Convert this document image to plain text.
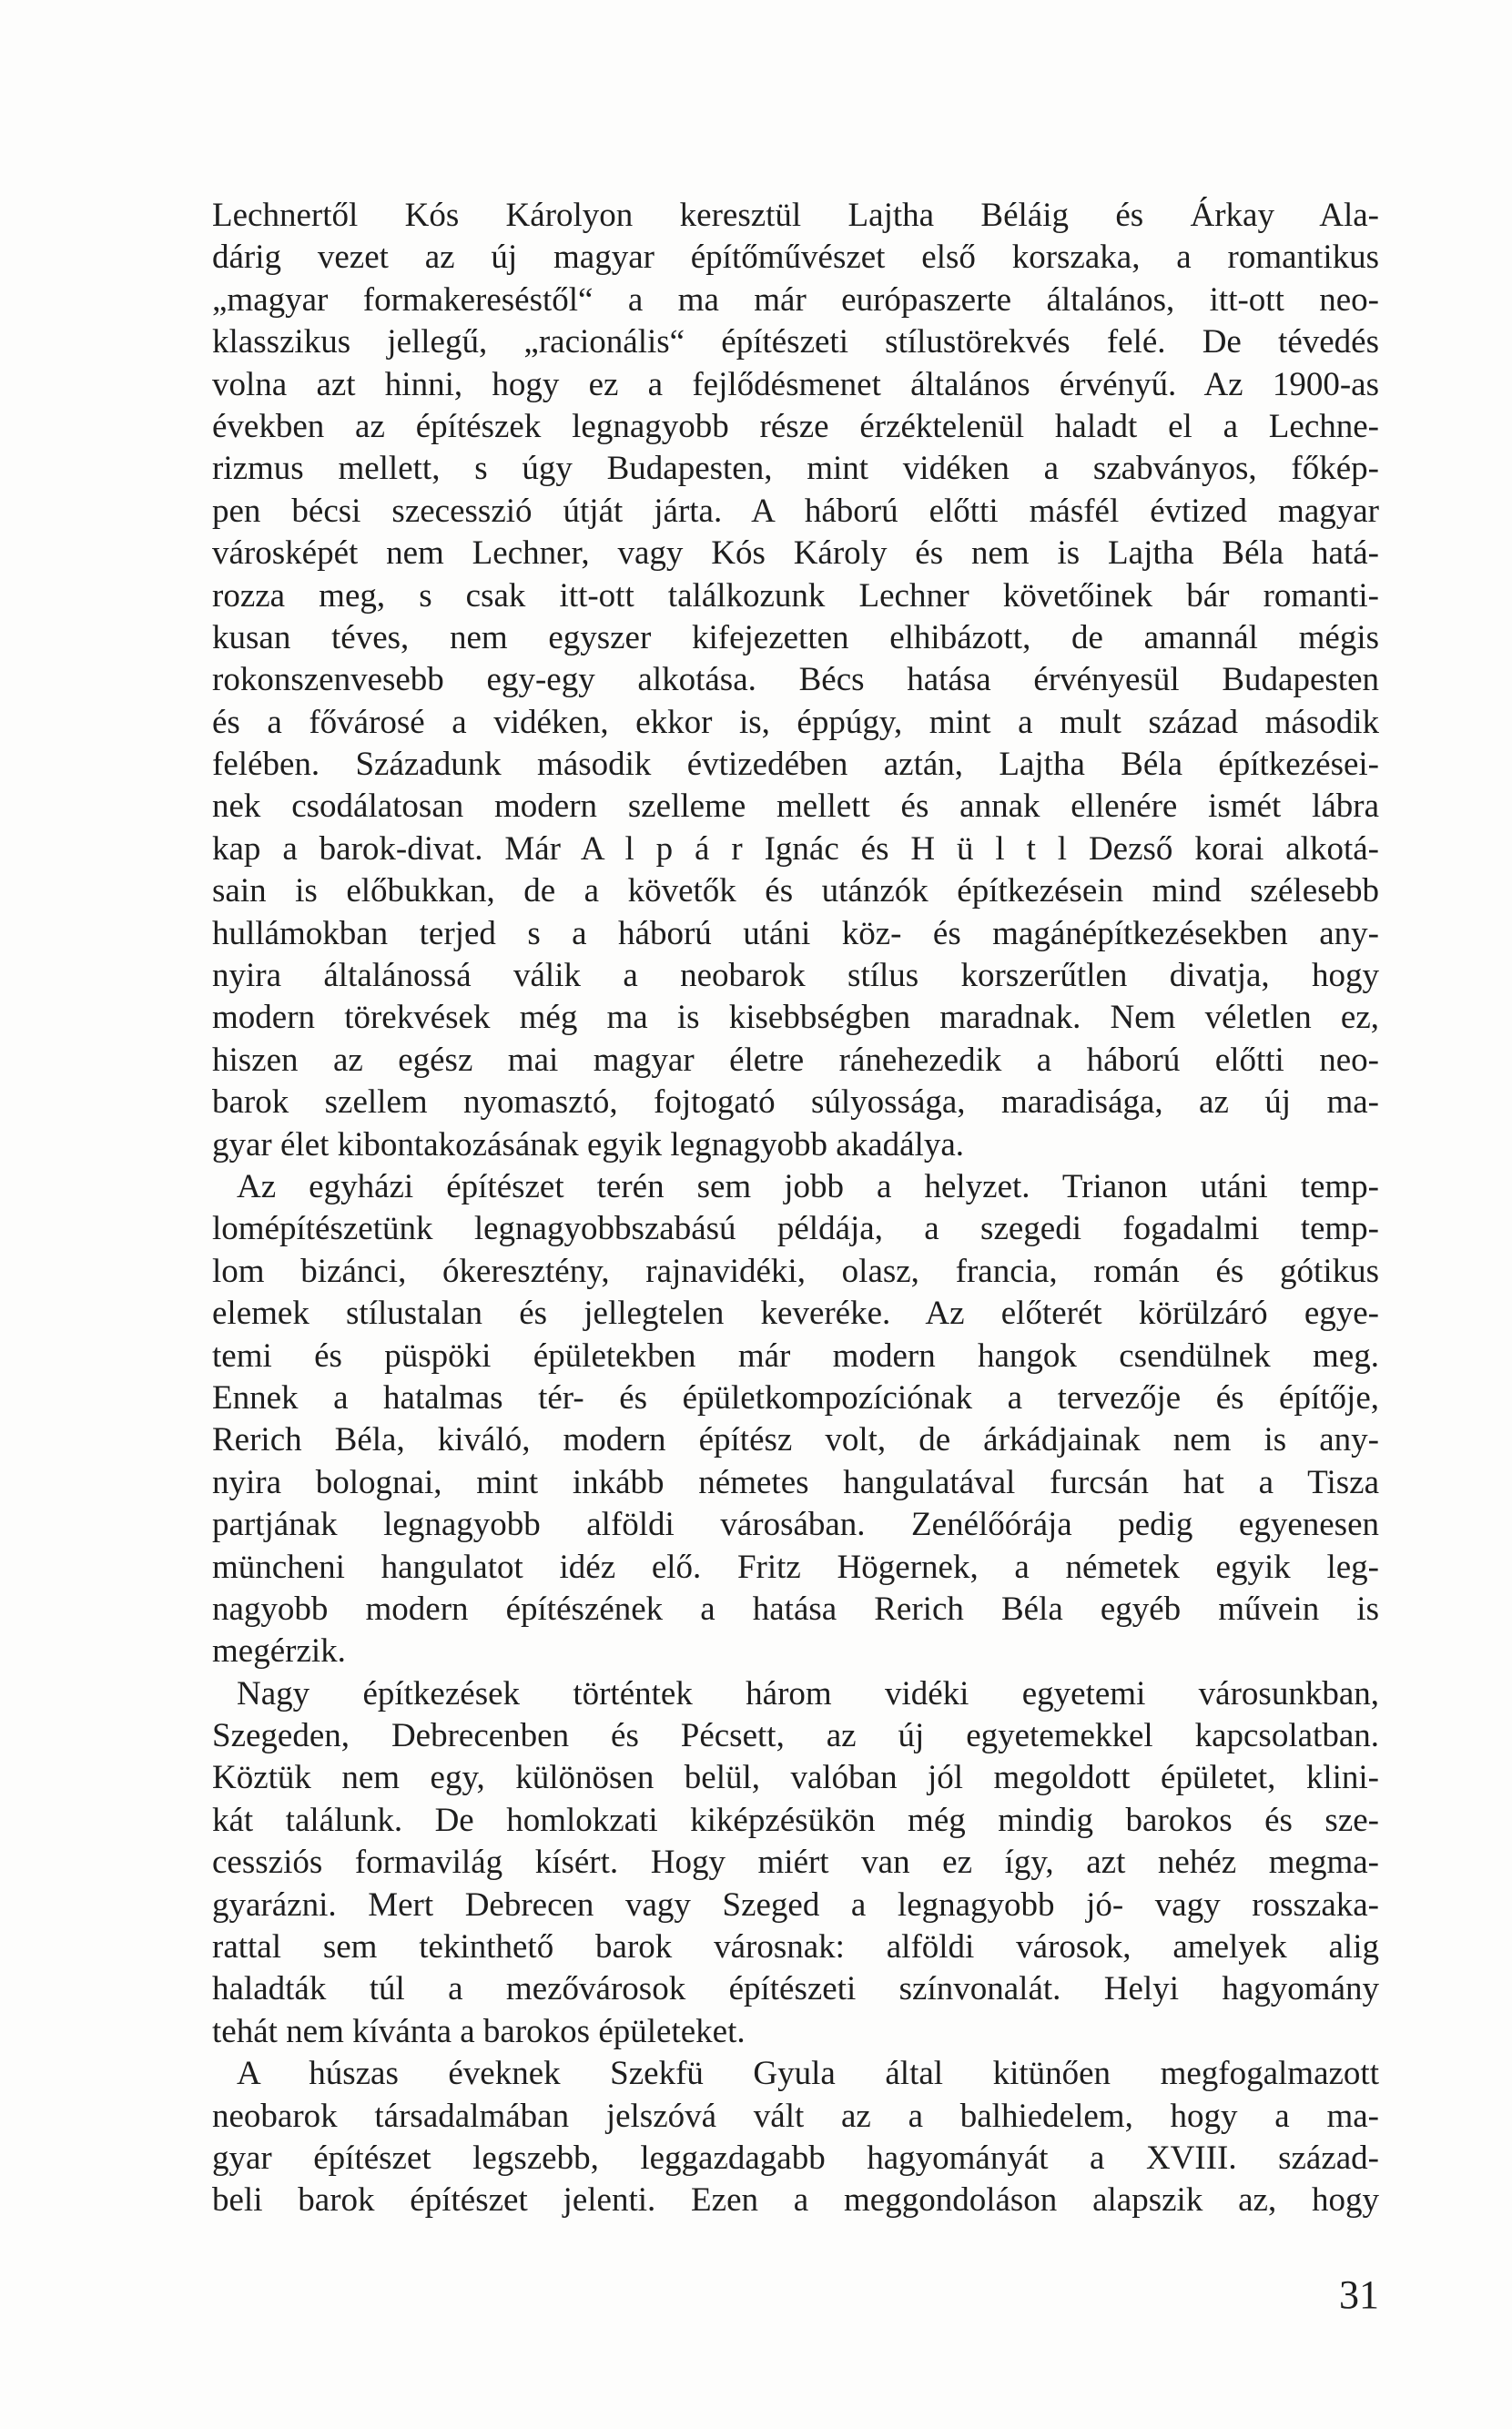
Lechnertől Kós Károlyon keresztül Lajtha Béláig és Árkay Ala-
dárig vezet az új magyar építőművészet első korszaka, a romantikus
„magyar formakereséstől“ a ma már európaszerte általános, itt-ott neo-
klasszikus jellegű, „racionális“ építészeti stílustörekvés felé. De tévedés
volna azt hinni, hogy ez a fejlődésmenet általános érvényű. Az 1900-as
években az építészek legnagyobb része érzéktelenül haladt el a Lechne-
rizmus mellett, s úgy Budapesten, mint vidéken a szabványos, főkép-
pen bécsi szecesszió útját járta. A háború előtti másfél évtized magyar
városképét nem Lechner, vagy Kós Károly és nem is Lajtha Béla hatá-
rozza meg, s csak itt-ott találkozunk Lechner követőinek bár romanti-
kusan téves, nem egyszer kifejezetten elhibázott, de amannál mégis
rokonszenvesebb egy-egy alkotása. Bécs hatása érvényesül Budapesten
és a fővárosé a vidéken, ekkor is, éppúgy, mint a mult század második
felében. Századunk második évtizedében aztán, Lajtha Béla építkezései-
nek csodálatosan modern szelleme mellett és annak ellenére ismét lábra
kap a barok-divat. Már A l p á r Ignác és H ü l t l Dezső korai alkotá-
sain is előbukkan, de a követők és utánzók építkezésein mind szélesebb
hullámokban terjed s a háború utáni köz- és magánépítkezésekben any-
nyira általánossá válik a neobarok stílus korszerűtlen divatja, hogy
modern törekvések még ma is kisebbségben maradnak. Nem véletlen ez,
hiszen az egész mai magyar életre ránehezedik a háború előtti neo-
barok szellem nyomasztó, fojtogató súlyossága, maradisága, az új ma-
gyar élet kibontakozásának egyik legnagyobb akadálya.
Az egyházi építészet terén sem jobb a helyzet. Trianon utáni temp-
lomépítészetünk legnagyobbszabású példája, a szegedi fogadalmi temp-
lom bizánci, ókeresztény, rajnavidéki, olasz, francia, román és gótikus
elemek stílustalan és jellegtelen keveréke. Az előterét körülzáró egye-
temi és püspöki épületekben már modern hangok csendülnek meg.
Ennek a hatalmas tér- és épületkompozíciónak a tervezője és építője,
Rerich Béla, kiváló, modern építész volt, de árkádjainak nem is any-
nyira bolognai, mint inkább németes hangulatával furcsán hat a Tisza
partjának legnagyobb alföldi városában. Zenélőórája pedig egyenesen
müncheni hangulatot idéz elő. Fritz Högernek, a németek egyik leg-
nagyobb modern építészének a hatása Rerich Béla egyéb művein is
megérzik.
Nagy építkezések történtek három vidéki egyetemi városunkban,
Szegeden, Debrecenben és Pécsett, az új egyetemekkel kapcsolatban.
Köztük nem egy, különösen belül, valóban jól megoldott épületet, klini-
kát találunk. De homlokzati kiképzésükön még mindig barokos és sze-
cessziós formavilág kísért. Hogy miért van ez így, azt nehéz megma-
gyarázni. Mert Debrecen vagy Szeged a legnagyobb jó- vagy rosszaka-
rattal sem tekinthető barok városnak: alföldi városok, amelyek alig
haladták túl a mezővárosok építészeti színvonalát. Helyi hagyomány
tehát nem kívánta a barokos épületeket.
A húszas éveknek Szekfü Gyula által kitünően megfogalmazott
neobarok társadalmában jelszóvá vált az a balhiedelem, hogy a ma-
gyar építészet legszebb, leggazdagabb hagyományát a XVIII. század-
beli barok építészet jelenti. Ezen a meggondoláson alapszik az, hogy
31
